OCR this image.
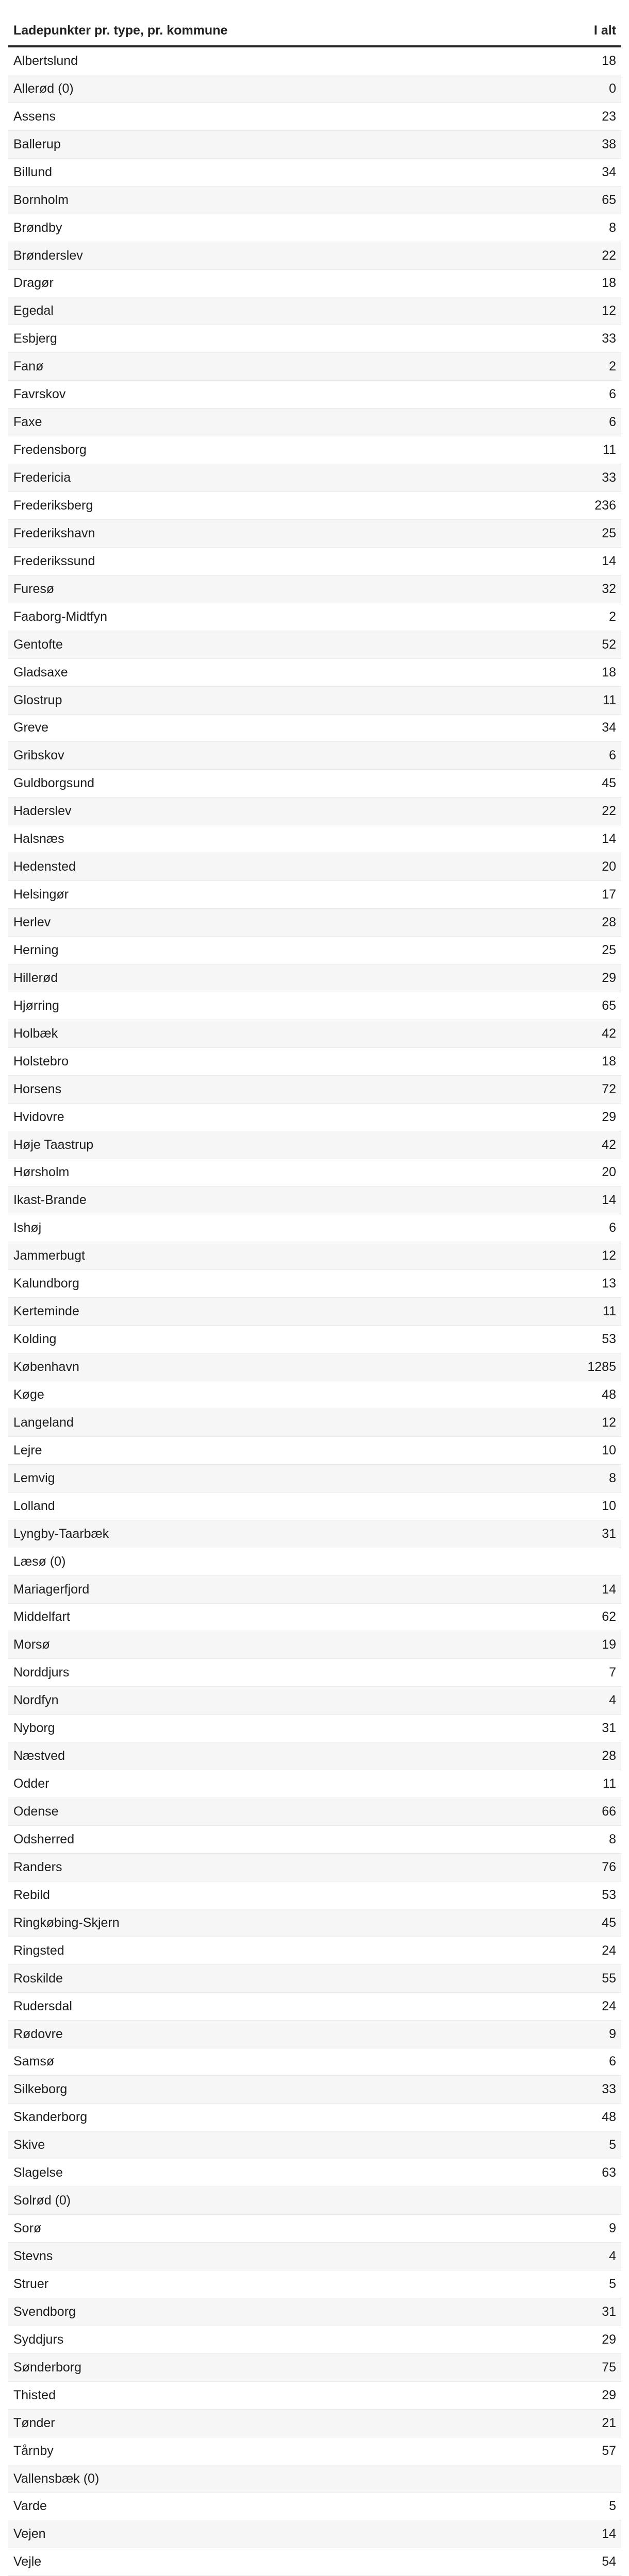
Ladepunkter pr. type, pr. kommune	I alt
Albertslund	18
Allerød (0)	0
Assens	23
Ballerup	38
Billund	34
Bornholm	65
Brøndby	8
Brønderslev	22
Dragør	18
Egedal	12
Esbjerg	33
Fanø	2
Favrskov	6
Faxe	6
Fredensborg	11
Fredericia	33
Frederiksberg	236
Frederikshavn	25
Frederikssund	14
Furesø	32
Faaborg-Midtfyn	2
Gentofte	52
Gladsaxe	18
Glostrup	11
Greve	34
Gribskov	6
Guldborgsund	45
Haderslev	22
Halsnæs	14
Hedensted	20
Helsingør	17
Herlev	28
Herning	25
Hillerød	29
Hjørring	65
Holbæk	42
Holstebro	18
Horsens	72
Hvidovre	29
Høje Taastrup	42
Hørsholm	20
Ikast-Brande	14
Ishøj	6
Jammerbugt	12
Kalundborg	13
Kerteminde	11
Kolding	53
København	1285
Køge	48
Langeland	12
Lejre	10
Lemvig	8
Lolland	10
Lyngby-Taarbæk	31
Læsø (0)
Mariagerfjord	14
Middelfart	62
Morsø	19
Norddjurs	7
Nordfyn	4
Nyborg	31
Næstved	28
Odder	11
Odense	66
Odsherred	8
Randers	76
Rebild	53
Ringkøbing-Skjern	45
Ringsted	24
Roskilde	55
Rudersdal	24
Rødovre	9
Samsø	6
Silkeborg	33
Skanderborg	48
Skive	5
Slagelse	63
Solrød (0)
Sorø	9
Stevns	4
Struer	5
Svendborg	31
Syddjurs	29
Sønderborg	75
Thisted	29
Tønder	21
Tårnby	57
Vallensbæk (0)
Varde	5
Vejen	14
Vejle	54
